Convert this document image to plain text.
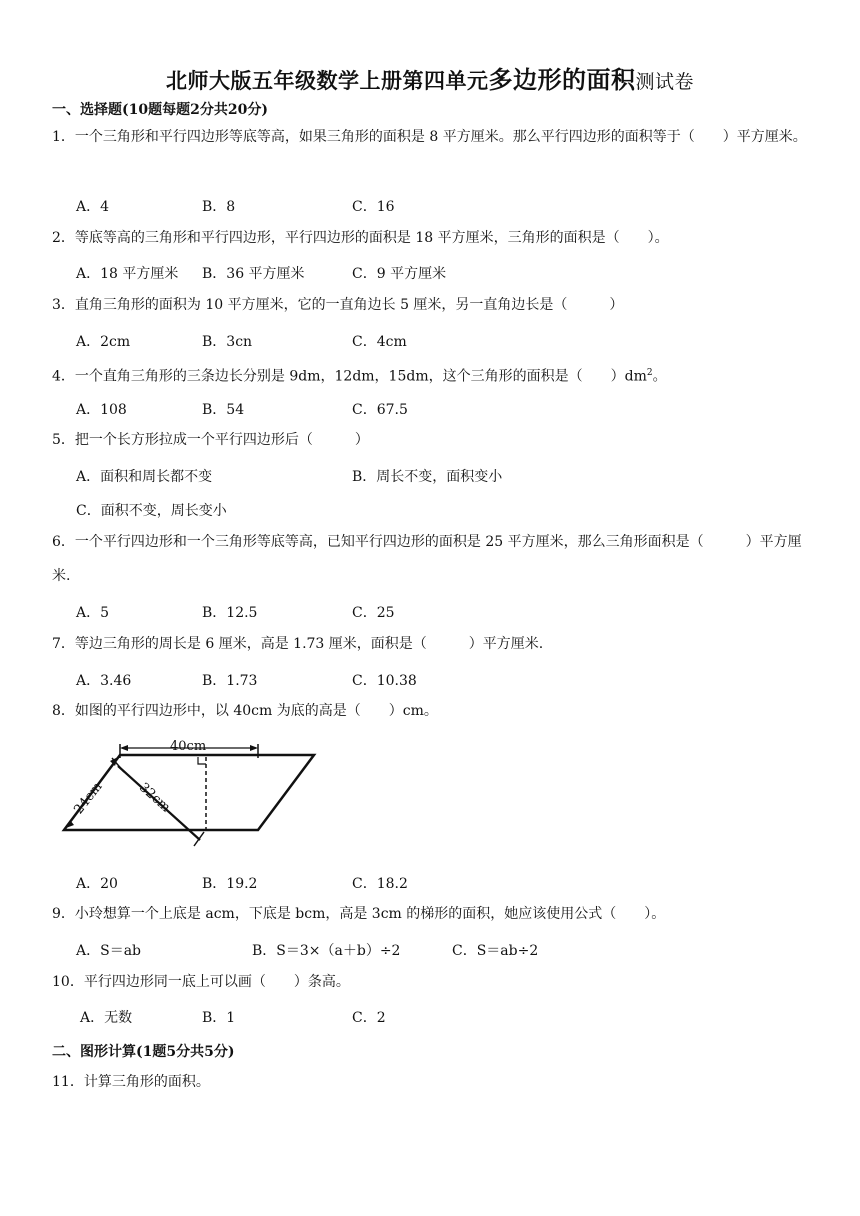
北师大版五年级数学上册第四单元多边形的面积测试卷
一、选择题(10题每题2分共20分)
1．一个三角形和平行四边形等底等高，如果三角形的面积是 8 平方厘米。那么平行四边形的面积等于（　　）平方厘米。
A．4	B．8	C．16
2．等底等高的三角形和平行四边形，平行四边形的面积是 18 平方厘米，三角形的面积是（　　）。
A．18 平方厘米 B．36 平方厘米	C．9 平方厘米
3．直角三角形的面积为 10 平方厘米，它的一直角边长 5 厘米，另一直角边长是（　　　）
A．2cm	B．3cn	C．4cm
4．一个直角三角形的三条边长分别是 9dm，12dm，15dm，这个三角形的面积是（　　）$dm^2$。
A．108	B．54	C．67.5
5．把一个长方形拉成一个平行四边形后（　　　）
A．面积和周长都不变	B．周长不变，面积变小
C．面积不变，周长变小
6．一个平行四边形和一个三角形等底等高，已知平行四边形的面积是 25 平方厘米，那么三角形面积是（　　　）平方厘米.
A．5	B．12.5	C．25
7．等边三角形的周长是 6 厘米，高是 1.73 厘米，面积是（　　　）平方厘米.
A．3.46	B．1.73	C．10.38
8．如图的平行四边形中，以 40cm 为底的高是（　　）cm。
40cm
24cm 32cm
A．20	B．19.2	C．18.2
9．小玲想算一个上底是 acm，下底是 bcm，高是 3cm 的梯形的面积，她应该使用公式（　　）。
A．S＝ab	B．S＝3×（a＋b）÷2	C．S＝ab÷2
10．平行四边形同一底上可以画（　　）条高。
A．无数	B．1	C．2
二、图形计算(1题5分共5分)
11．计算三角形的面积。
